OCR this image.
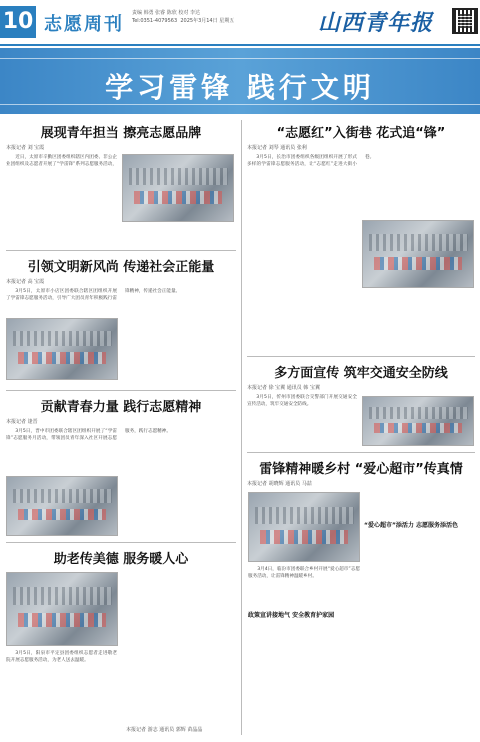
10 志愿周刊
责编 韩勇 张睿 陈欣 校对 李达
Tel:0351-4079563 2025年3月14日 星期五	山西青年报
学习雷锋 践行文明
展现青年担当 擦亮志愿品牌
本报记者 刘 宝霞

近日，太原市辛勤区团委组织辖区内团委、非公企业团组织及志愿者开展了“学雷锋”系列志愿服务活动，

引领文明新风尚 传递社会正能量
本报记者 高 宝霞

3月5日，太原市小店区团委联合辖区团组织开展了学雷锋志愿服务活动，引导广大团员青年积极践行雷锋精神，传递社会正能量。

贡献青春力量 践行志愿精神
本报记者 逢晋

3月5日，晋中市团委联合辖区团组织开展了“学雷锋”志愿服务月活动，带领团员青年深入社区开展志愿服务，践行志愿精神。

助老传美德 服务暖人心

3月5日，阳泉市平定县团委组织志愿者走进敬老院开展志愿服务活动，为老人送去温暖。

本报记者 游志 通讯员 郭辉 苗晶晶
“志愿红”入街巷 花式追“锋”
本报记者 刘琴 通讯员 张利

3月5日，长治市团委组织各级团组织开展了形式多样的学雷锋志愿服务活动，让“志愿红”走进大街小巷。

多方面宣传 筑牢交通安全防线
本报记者 徐 宝翼 通讯员 韩 宝翼

3月5日，忻州市团委联合交警部门开展交通安全宣传活动，筑牢交通安全防线。

雷锋精神暖乡村 “爱心超市”传真情
本报记者 胡晓辉 通讯员 马喆

3月4日，临汾市团委联合乡村开展“爱心超市”志愿服务活动，让雷锋精神温暖乡村。

政策宣讲接地气 安全教育护家园
“爱心超市”添活力 志愿服务添活色
